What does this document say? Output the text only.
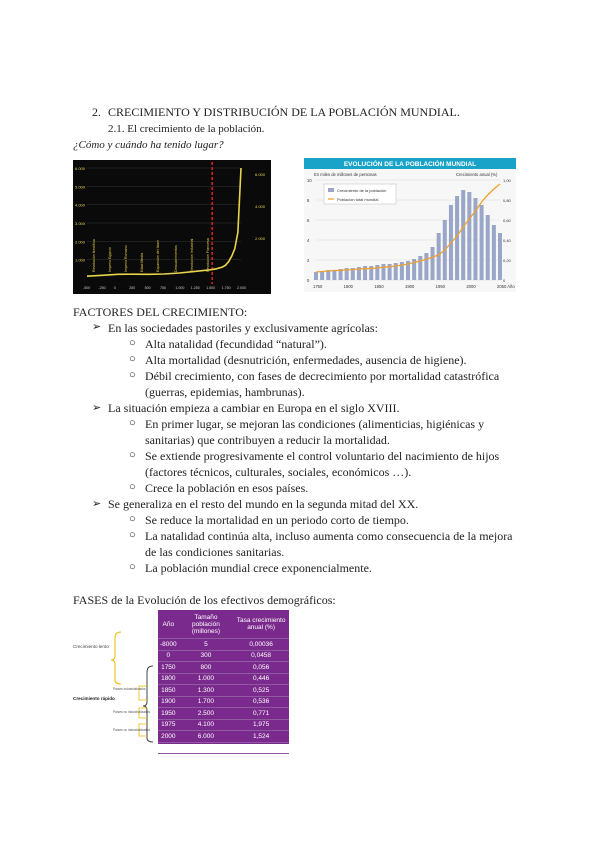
2. CRECIMIENTO Y DISTRIBUCIÓN DE LA POBLACIÓN MUNDIAL.
2.1. El crecimiento de la población.
¿Cómo y cuándo ha tenido lugar?
6.000
5.000
4.000
3.000
2.000
1.000
6.000
4.000
2.000
-500 -250 0	250	500	750	1.000 1.250 1.500 1.750 2.000
Revolución Neolítica	Imperio Egipcio	Imperio Romano	Edad Media	Expansión del Islam	Descubrimientos	Revolución Industrial	Revolución Francesa
EVOLUCIÓN DE LA POBLACIÓN MUNDIAL
En miles de millones de personas	Crecimiento anual (%)
10
8
6
4
2
0
1,00
0,80
0,60
0,40
0,20
0
1750	1800	1850	1900	1950	2000	2050 Año
Crecimiento de la población
Población total mundial
FACTORES DEL CRECIMIENTO:
➢ En las sociedades pastoriles y exclusivamente agrícolas:
○ Alta natalidad (fecundidad “natural”).
○ Alta mortalidad (desnutrición, enfermedades, ausencia de higiene).
○ Débil crecimiento, con fases de decrecimiento por mortalidad catastrófica
(guerras, epidemias, hambrunas).
➢ La situación empieza a cambiar en Europa en el siglo XVIII.
○ En primer lugar, se mejoran las condiciones (alimenticias, higiénicas y
sanitarias) que contribuyen a reducir la mortalidad.
○ Se extiende progresivamente el control voluntario del nacimiento de hijos
(factores técnicos, culturales, sociales, económicos …).
○ Crece la población en esos países.
➢ Se generaliza en el resto del mundo en la segunda mitad del XX.
○ Se reduce la mortalidad en un periodo corto de tiempo.
○ La natalidad continúa alta, incluso aumenta como consecuencia de la mejora
de las condiciones sanitarias.
○ La población mundial crece exponencialmente.
FASES de la Evolución de los efectivos demográficos:
Crecimiento lento
Crecimiento rápido
Países industrializados
Países no industrializados
Países no industrializados
Año	Tamaño población (millones)	Tasa crecimiento anual (%)
-8000	5	0,00036
0	300	0,0458
1750	800	0,056
1800	1.000	0,446
1850	1.300	0,525
1900	1.700	0,536
1950	2.500	0,771
1975	4.100	1,975
2000	6.000	1,524
2021	7.840	0,9
